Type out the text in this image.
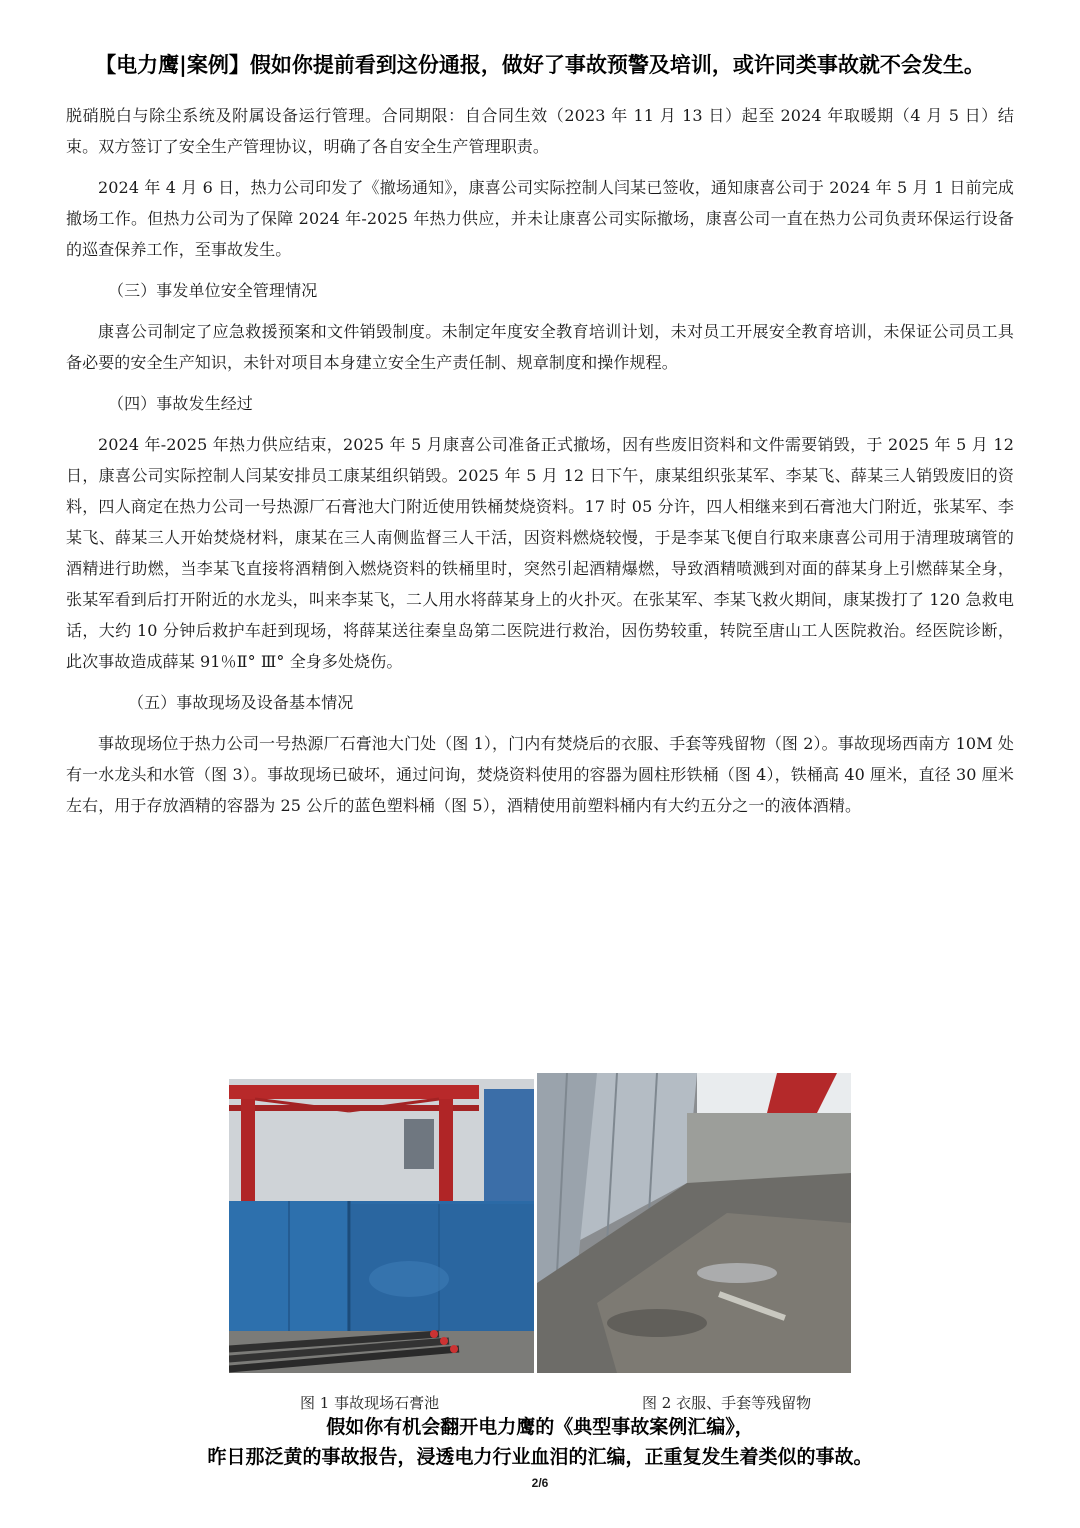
【电力鹰|案例】假如你提前看到这份通报，做好了事故预警及培训，或许同类事故就不会发生。

脱硝脱白与除尘系统及附属设备运行管理。合同期限：自合同生效（2023 年 11 月 13 日）起至 2024 年取暖期（4 月 5 日）结束。双方签订了安全生产管理协议，明确了各自安全生产管理职责。

2024 年 4 月 6 日，热力公司印发了《撤场通知》，康喜公司实际控制人闫某已签收，通知康喜公司于 2024 年 5 月 1 日前完成撤场工作。但热力公司为了保障 2024 年-2025 年热力供应，并未让康喜公司实际撤场，康喜公司一直在热力公司负责环保运行设备的巡查保养工作，至事故发生。

（三）事发单位安全管理情况

康喜公司制定了应急救援预案和文件销毁制度。未制定年度安全教育培训计划，未对员工开展安全教育培训，未保证公司员工具备必要的安全生产知识，未针对项目本身建立安全生产责任制、规章制度和操作规程。

（四）事故发生经过

2024 年-2025 年热力供应结束，2025 年 5 月康喜公司准备正式撤场，因有些废旧资料和文件需要销毁，于 2025 年 5 月 12 日，康喜公司实际控制人闫某安排员工康某组织销毁。2025 年 5 月 12 日下午，康某组织张某军、李某飞、薛某三人销毁废旧的资料，四人商定在热力公司一号热源厂石膏池大门附近使用铁桶焚烧资料。17 时 05 分许，四人相继来到石膏池大门附近，张某军、李某飞、薛某三人开始焚烧材料，康某在三人南侧监督三人干活，因资料燃烧较慢，于是李某飞便自行取来康喜公司用于清理玻璃管的酒精进行助燃，当李某飞直接将酒精倒入燃烧资料的铁桶里时，突然引起酒精爆燃，导致酒精喷溅到对面的薛某身上引燃薛某全身，张某军看到后打开附近的水龙头，叫来李某飞，二人用水将薛某身上的火扑灭。在张某军、李某飞救火期间，康某拨打了 120 急救电话，大约 10 分钟后救护车赶到现场，将薛某送往秦皇岛第二医院进行救治，因伤势较重，转院至唐山工人医院救治。经医院诊断，此次事故造成薛某 91％Ⅱ° Ⅲ° 全身多处烧伤。

（五）事故现场及设备基本情况

事故现场位于热力公司一号热源厂石膏池大门处（图 1），门内有焚烧后的衣服、手套等残留物（图 2）。事故现场西南方 10M 处有一水龙头和水管（图 3）。事故现场已破坏，通过问询，焚烧资料使用的容器为圆柱形铁桶（图 4），铁桶高 40 厘米，直径 30 厘米左右，用于存放酒精的容器为 25 公斤的蓝色塑料桶（图 5），酒精使用前塑料桶内有大约五分之一的液体酒精。

图 1 事故现场石膏池	图 2 衣服、手套等残留物
假如你有机会翻开电力鹰的《典型事故案例汇编》，
昨日那泛黄的事故报告，浸透电力行业血泪的汇编，正重复发生着类似的事故。
2/6
